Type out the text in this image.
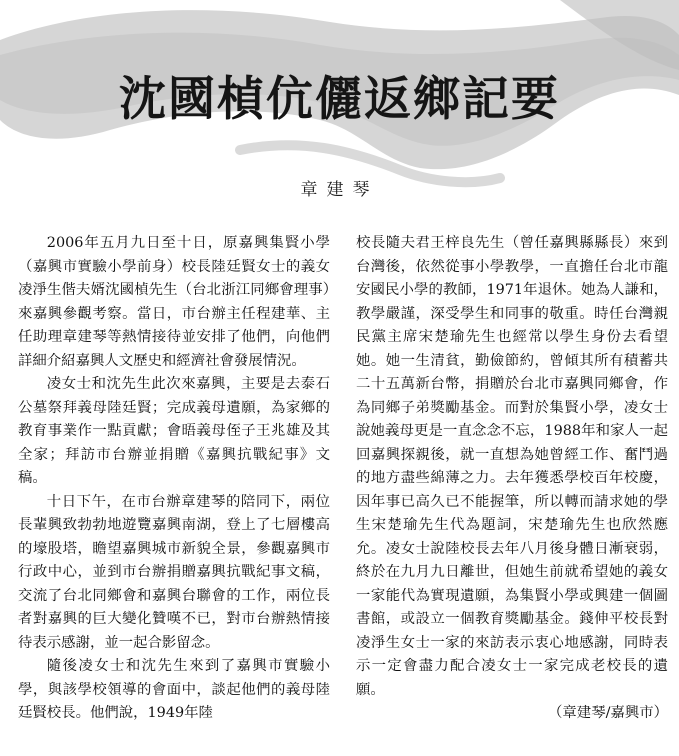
沈國楨伉儷返鄉記要
章建琴

2006年五月九日至十日，原嘉興集賢小學（嘉興市實驗小學前身）校長陸廷賢女士的義女凌淨生偕夫婿沈國楨先生（台北浙江同鄉會理事）來嘉興參觀考察。當日，市台辦主任程建華、主任助理章建琴等熱情接待並安排了他們，向他們詳細介紹嘉興人文歷史和經濟社會發展情況。

凌女士和沈先生此次來嘉興，主要是去泰石公墓祭拜義母陸廷賢；完成義母遺願，為家鄉的教育事業作一點貢獻；會晤義母侄子王兆雄及其全家；拜訪市台辦並捐贈《嘉興抗戰紀事》文稿。

十日下午，在市台辦章建琴的陪同下，兩位長輩興致勃勃地遊覽嘉興南湖，登上了七層樓高的壕股塔，瞻望嘉興城市新貌全景，參觀嘉興市行政中心，並到市台辦捐贈嘉興抗戰紀事文稿，交流了台北同鄉會和嘉興台聯會的工作，兩位長者對嘉興的巨大變化贊嘆不已，對市台辦熱情接待表示感謝，並一起合影留念。

隨後凌女士和沈先生來到了嘉興市實驗小學，與該學校領導的會面中，談起他們的義母陸廷賢校長。他們說，1949年陸

校長隨夫君王梓良先生（曾任嘉興縣縣長）來到台灣後，依然從事小學教學，一直擔任台北市龍安國民小學的教師，1971年退休。她為人謙和，教學嚴謹，深受學生和同事的敬重。時任台灣親民黨主席宋楚瑜先生也經常以學生身份去看望她。她一生清貧，勤儉節約，曾傾其所有積蓄共二十五萬新台幣，捐贈於台北市嘉興同鄉會，作為同鄉子弟獎勵基金。而對於集賢小學，凌女士說她義母更是一直念念不忘，1988年和家人一起回嘉興探親後，就一直想為她曾經工作、奮鬥過的地方盡些綿薄之力。去年獲悉學校百年校慶，因年事已高久已不能握筆，所以轉而請求她的學生宋楚瑜先生代為題詞，宋楚瑜先生也欣然應允。凌女士說陸校長去年八月後身體日漸衰弱，終於在九月九日離世，但她生前就希望她的義女一家能代為實現遺願，為集賢小學或興建一個圖書館，或設立一個教育獎勵基金。錢伸平校長對凌淨生女士一家的來訪表示衷心地感謝，同時表示一定會盡力配合凌女士一家完成老校長的遺願。

（章建琴/嘉興市）
